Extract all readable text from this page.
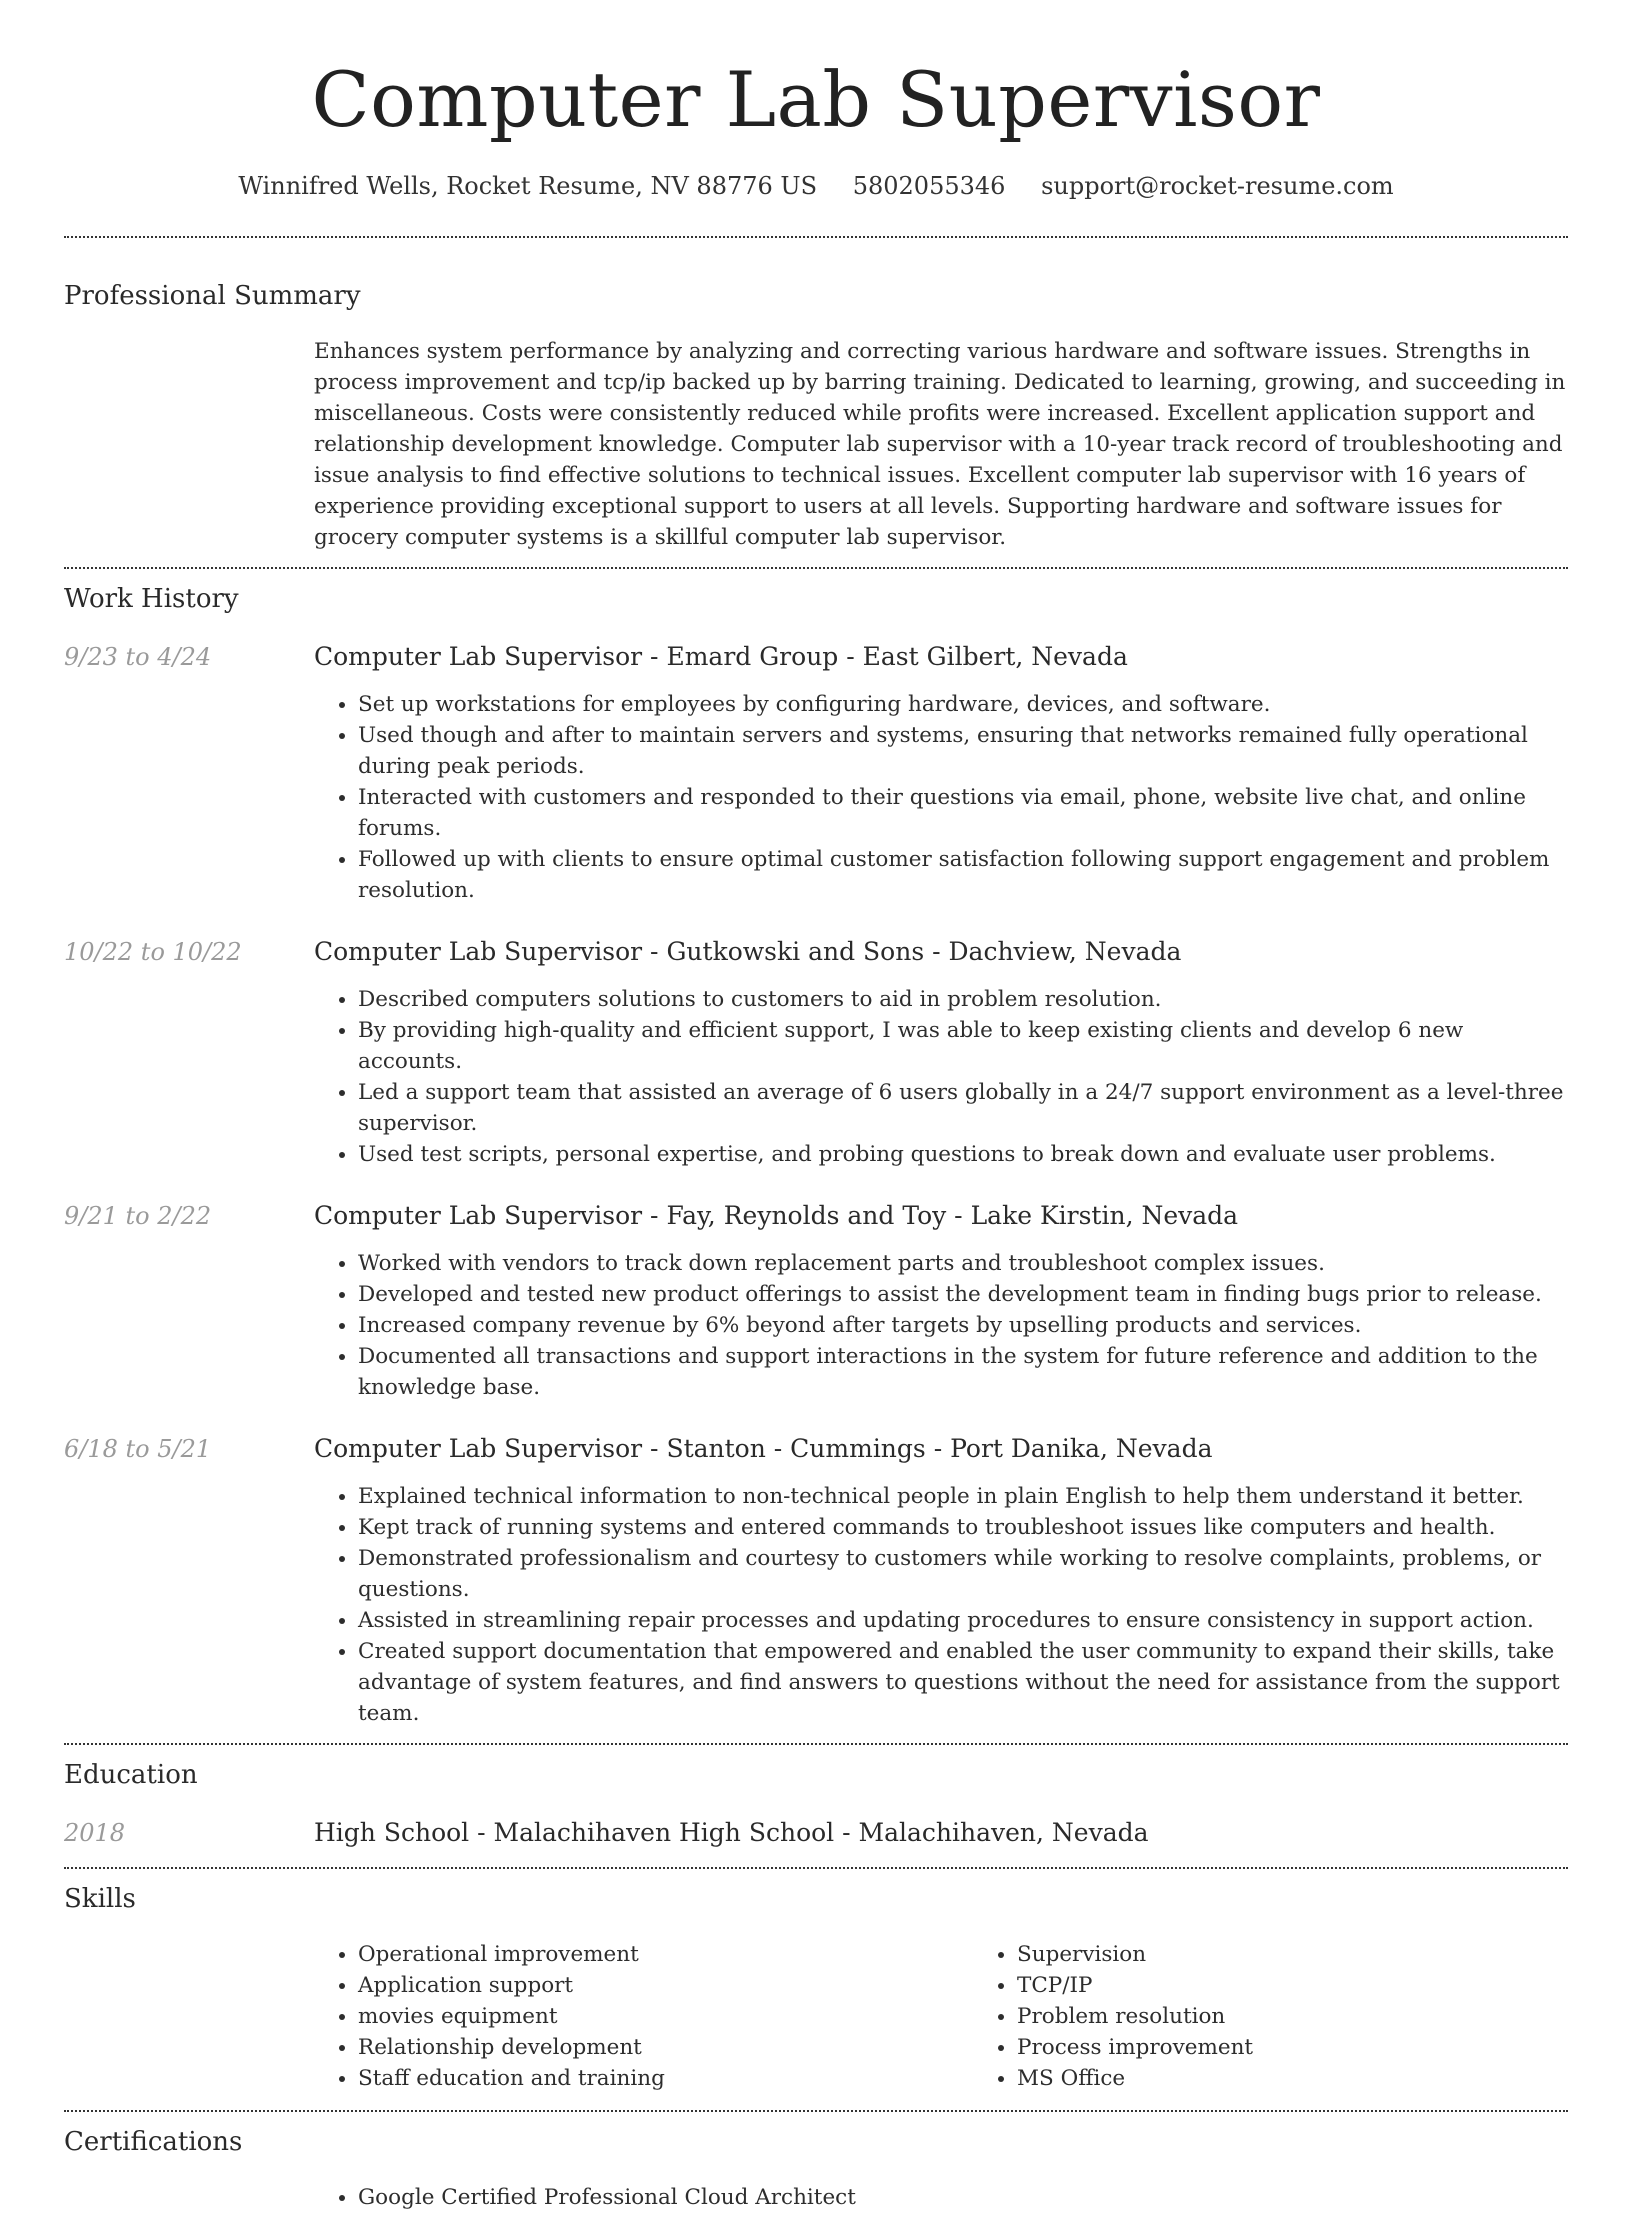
Computer Lab Supervisor
Winnifred Wells, Rocket Resume, NV 88776 US 5802055346 support@rocket-resume.com
Professional Summary

Enhances system performance by analyzing and correcting various hardware and software issues. Strengths in process improvement and tcp/ip backed up by barring training. Dedicated to learning, growing, and succeeding in miscellaneous. Costs were consistently reduced while profits were increased. Excellent application support and relationship development knowledge. Computer lab supervisor with a 10-year track record of troubleshooting and issue analysis to find effective solutions to technical issues. Excellent computer lab supervisor with 16 years of experience providing exceptional support to users at all levels. Supporting hardware and software issues for grocery computer systems is a skillful computer lab supervisor.

Work History
9/23 to 4/24	Computer Lab Supervisor - Emard Group - East Gilbert, Nevada

• Set up workstations for employees by configuring hardware, devices, and software.
• Used though and after to maintain servers and systems, ensuring that networks remained fully operational during peak periods.
• Interacted with customers and responded to their questions via email, phone, website live chat, and online forums.
• Followed up with clients to ensure optimal customer satisfaction following support engagement and problem resolution.
10/22 to 10/22	Computer Lab Supervisor - Gutkowski and Sons - Dachview, Nevada

• Described computers solutions to customers to aid in problem resolution.
• By providing high-quality and efficient support, I was able to keep existing clients and develop 6 new accounts.
• Led a support team that assisted an average of 6 users globally in a 24/7 support environment as a level-three supervisor.
• Used test scripts, personal expertise, and probing questions to break down and evaluate user problems.
9/21 to 2/22	Computer Lab Supervisor - Fay, Reynolds and Toy - Lake Kirstin, Nevada

• Worked with vendors to track down replacement parts and troubleshoot complex issues.
• Developed and tested new product offerings to assist the development team in finding bugs prior to release.
• Increased company revenue by 6% beyond after targets by upselling products and services.
• Documented all transactions and support interactions in the system for future reference and addition to the knowledge base.
6/18 to 5/21	Computer Lab Supervisor - Stanton - Cummings - Port Danika, Nevada

• Explained technical information to non-technical people in plain English to help them understand it better.
• Kept track of running systems and entered commands to troubleshoot issues like computers and health.
• Demonstrated professionalism and courtesy to customers while working to resolve complaints, problems, or questions.
• Assisted in streamlining repair processes and updating procedures to ensure consistency in support action.
• Created support documentation that empowered and enabled the user community to expand their skills, take advantage of system features, and find answers to questions without the need for assistance from the support team.
Education
2018	High School - Malachihaven High School - Malachihaven, Nevada

Skills
• Operational improvement
• Application support
• movies equipment
• Relationship development
• Staff education and training
• Supervision
• TCP/IP
• Problem resolution
• Process improvement
• MS Office
Certifications
• Google Certified Professional Cloud Architect
